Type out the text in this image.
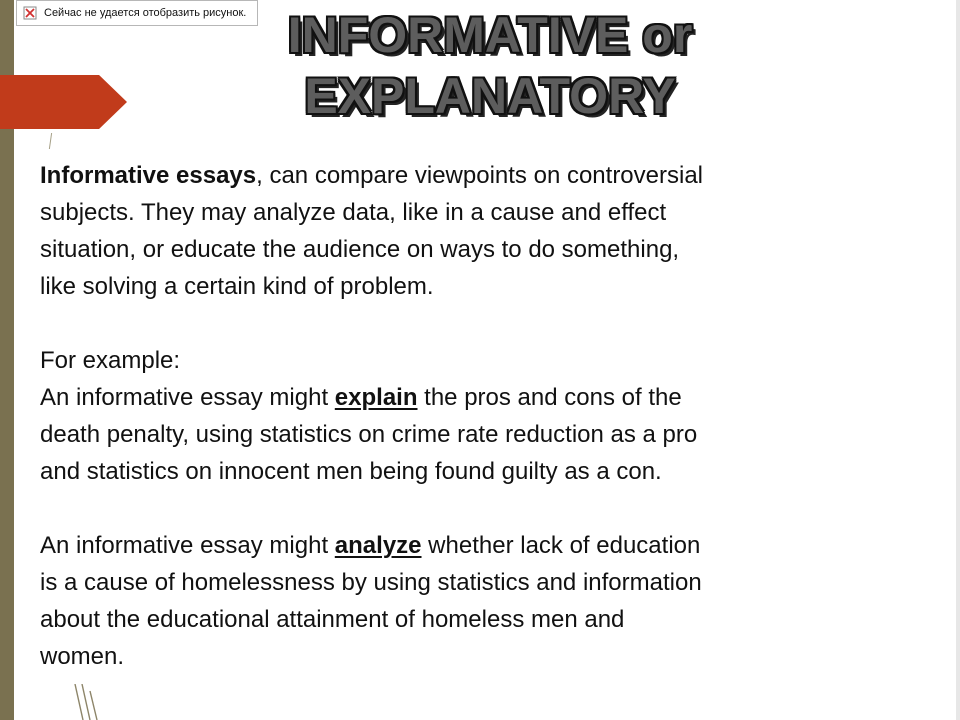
Сейчас не удается отобразить рисунок. INFORMATIVE or
EXPLANATORY
Informative essays, can compare viewpoints on controversial
subjects. They may analyze data, like in a cause and effect
situation, or educate the audience on ways to do something,
like solving a certain kind of problem.
For example:
An informative essay might explain the pros and cons of the
death penalty, using statistics on crime rate reduction as a pro
and statistics on innocent men being found guilty as a con.
An informative essay might analyze whether lack of education
is a cause of homelessness by using statistics and information
about the educational attainment of homeless men and
women.
